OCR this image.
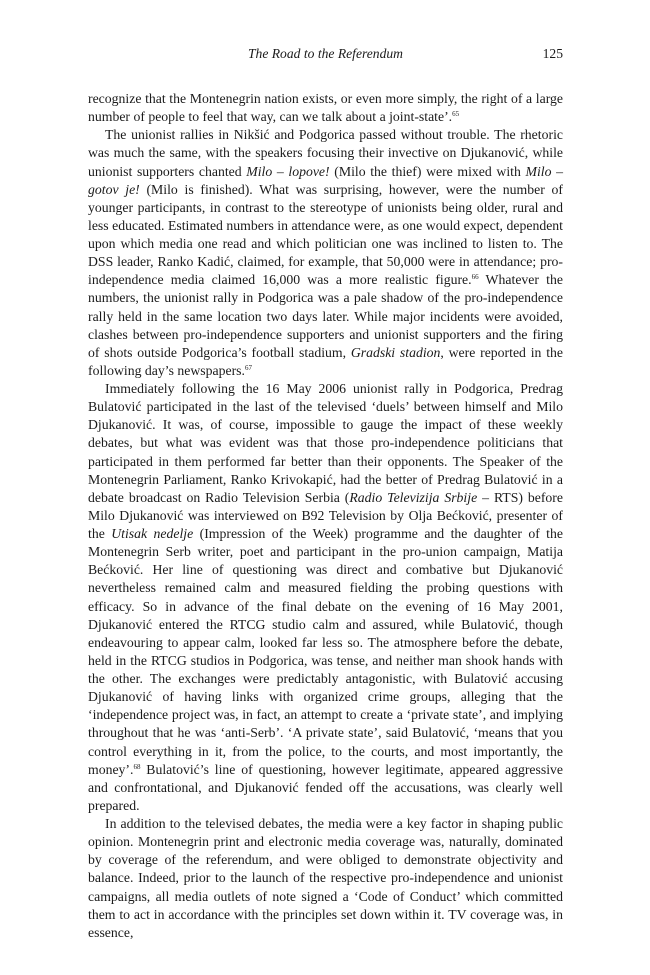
The Road to the Referendum	125

recognize that the Montenegrin nation exists, or even more simply, the right of a large number of people to feel that way, can we talk about a joint-state’.$^{65}$

The unionist rallies in Nikšić and Podgorica passed without trouble. The rhetoric was much the same, with the speakers focusing their invective on Djukanović, while unionist supporters chanted Milo – lopove! (Milo the thief) were mixed with Milo – gotov je! (Milo is finished). What was surprising, however, were the number of younger participants, in contrast to the stereotype of unionists being older, rural and less educated. Estimated numbers in attendance were, as one would expect, dependent upon which media one read and which politician one was inclined to listen to. The DSS leader, Ranko Kadić, claimed, for example, that 50,000 were in attendance; pro-independence media claimed 16,000 was a more realistic figure.$^{66}$ Whatever the numbers, the unionist rally in Podgorica was a pale shadow of the pro-independence rally held in the same location two days later. While major incidents were avoided, clashes between pro-independence supporters and unionist supporters and the firing of shots outside Podgorica’s football stadium, Gradski stadion, were reported in the following day’s newspapers.$^{67}$

Immediately following the 16 May 2006 unionist rally in Podgorica, Predrag Bulatović participated in the last of the televised ‘duels’ between himself and Milo Djukanović. It was, of course, impossible to gauge the impact of these weekly debates, but what was evident was that those pro-independence politicians that participated in them performed far better than their opponents. The Speaker of the Montenegrin Parliament, Ranko Krivokapić, had the better of Predrag Bulatović in a debate broadcast on Radio Television Serbia (Radio Televizija Srbije – RTS) before Milo Djukanović was interviewed on B92 Television by Olja Bećković, presenter of the Utisak nedelje (Impression of the Week) programme and the daughter of the Montenegrin Serb writer, poet and participant in the pro-union campaign, Matija Bećković. Her line of questioning was direct and combative but Djukanović nevertheless remained calm and measured fielding the probing questions with efficacy. So in advance of the final debate on the evening of 16 May 2001, Djukanović entered the RTCG studio calm and assured, while Bulatović, though endeavouring to appear calm, looked far less so. The atmosphere before the debate, held in the RTCG studios in Podgorica, was tense, and neither man shook hands with the other. The exchanges were predictably antagonistic, with Bulatović accusing Djukanović of having links with organized crime groups, alleging that the ‘independence project was, in fact, an attempt to create a ‘private state’, and implying throughout that he was ‘anti-Serb’. ‘A private state’, said Bulatović, ‘means that you control everything in it, from the police, to the courts, and most importantly, the money’.$^{68}$ Bulatović’s line of questioning, however legitimate, appeared aggressive and confrontational, and Djukanović fended off the accusations, was clearly well prepared.

In addition to the televised debates, the media were a key factor in shaping public opinion. Montenegrin print and electronic media coverage was, naturally, dominated by coverage of the referendum, and were obliged to demonstrate objectivity and balance. Indeed, prior to the launch of the respective pro-independence and unionist campaigns, all media outlets of note signed a ‘Code of Conduct’ which committed them to act in accordance with the principles set down within it. TV coverage was, in essence,
